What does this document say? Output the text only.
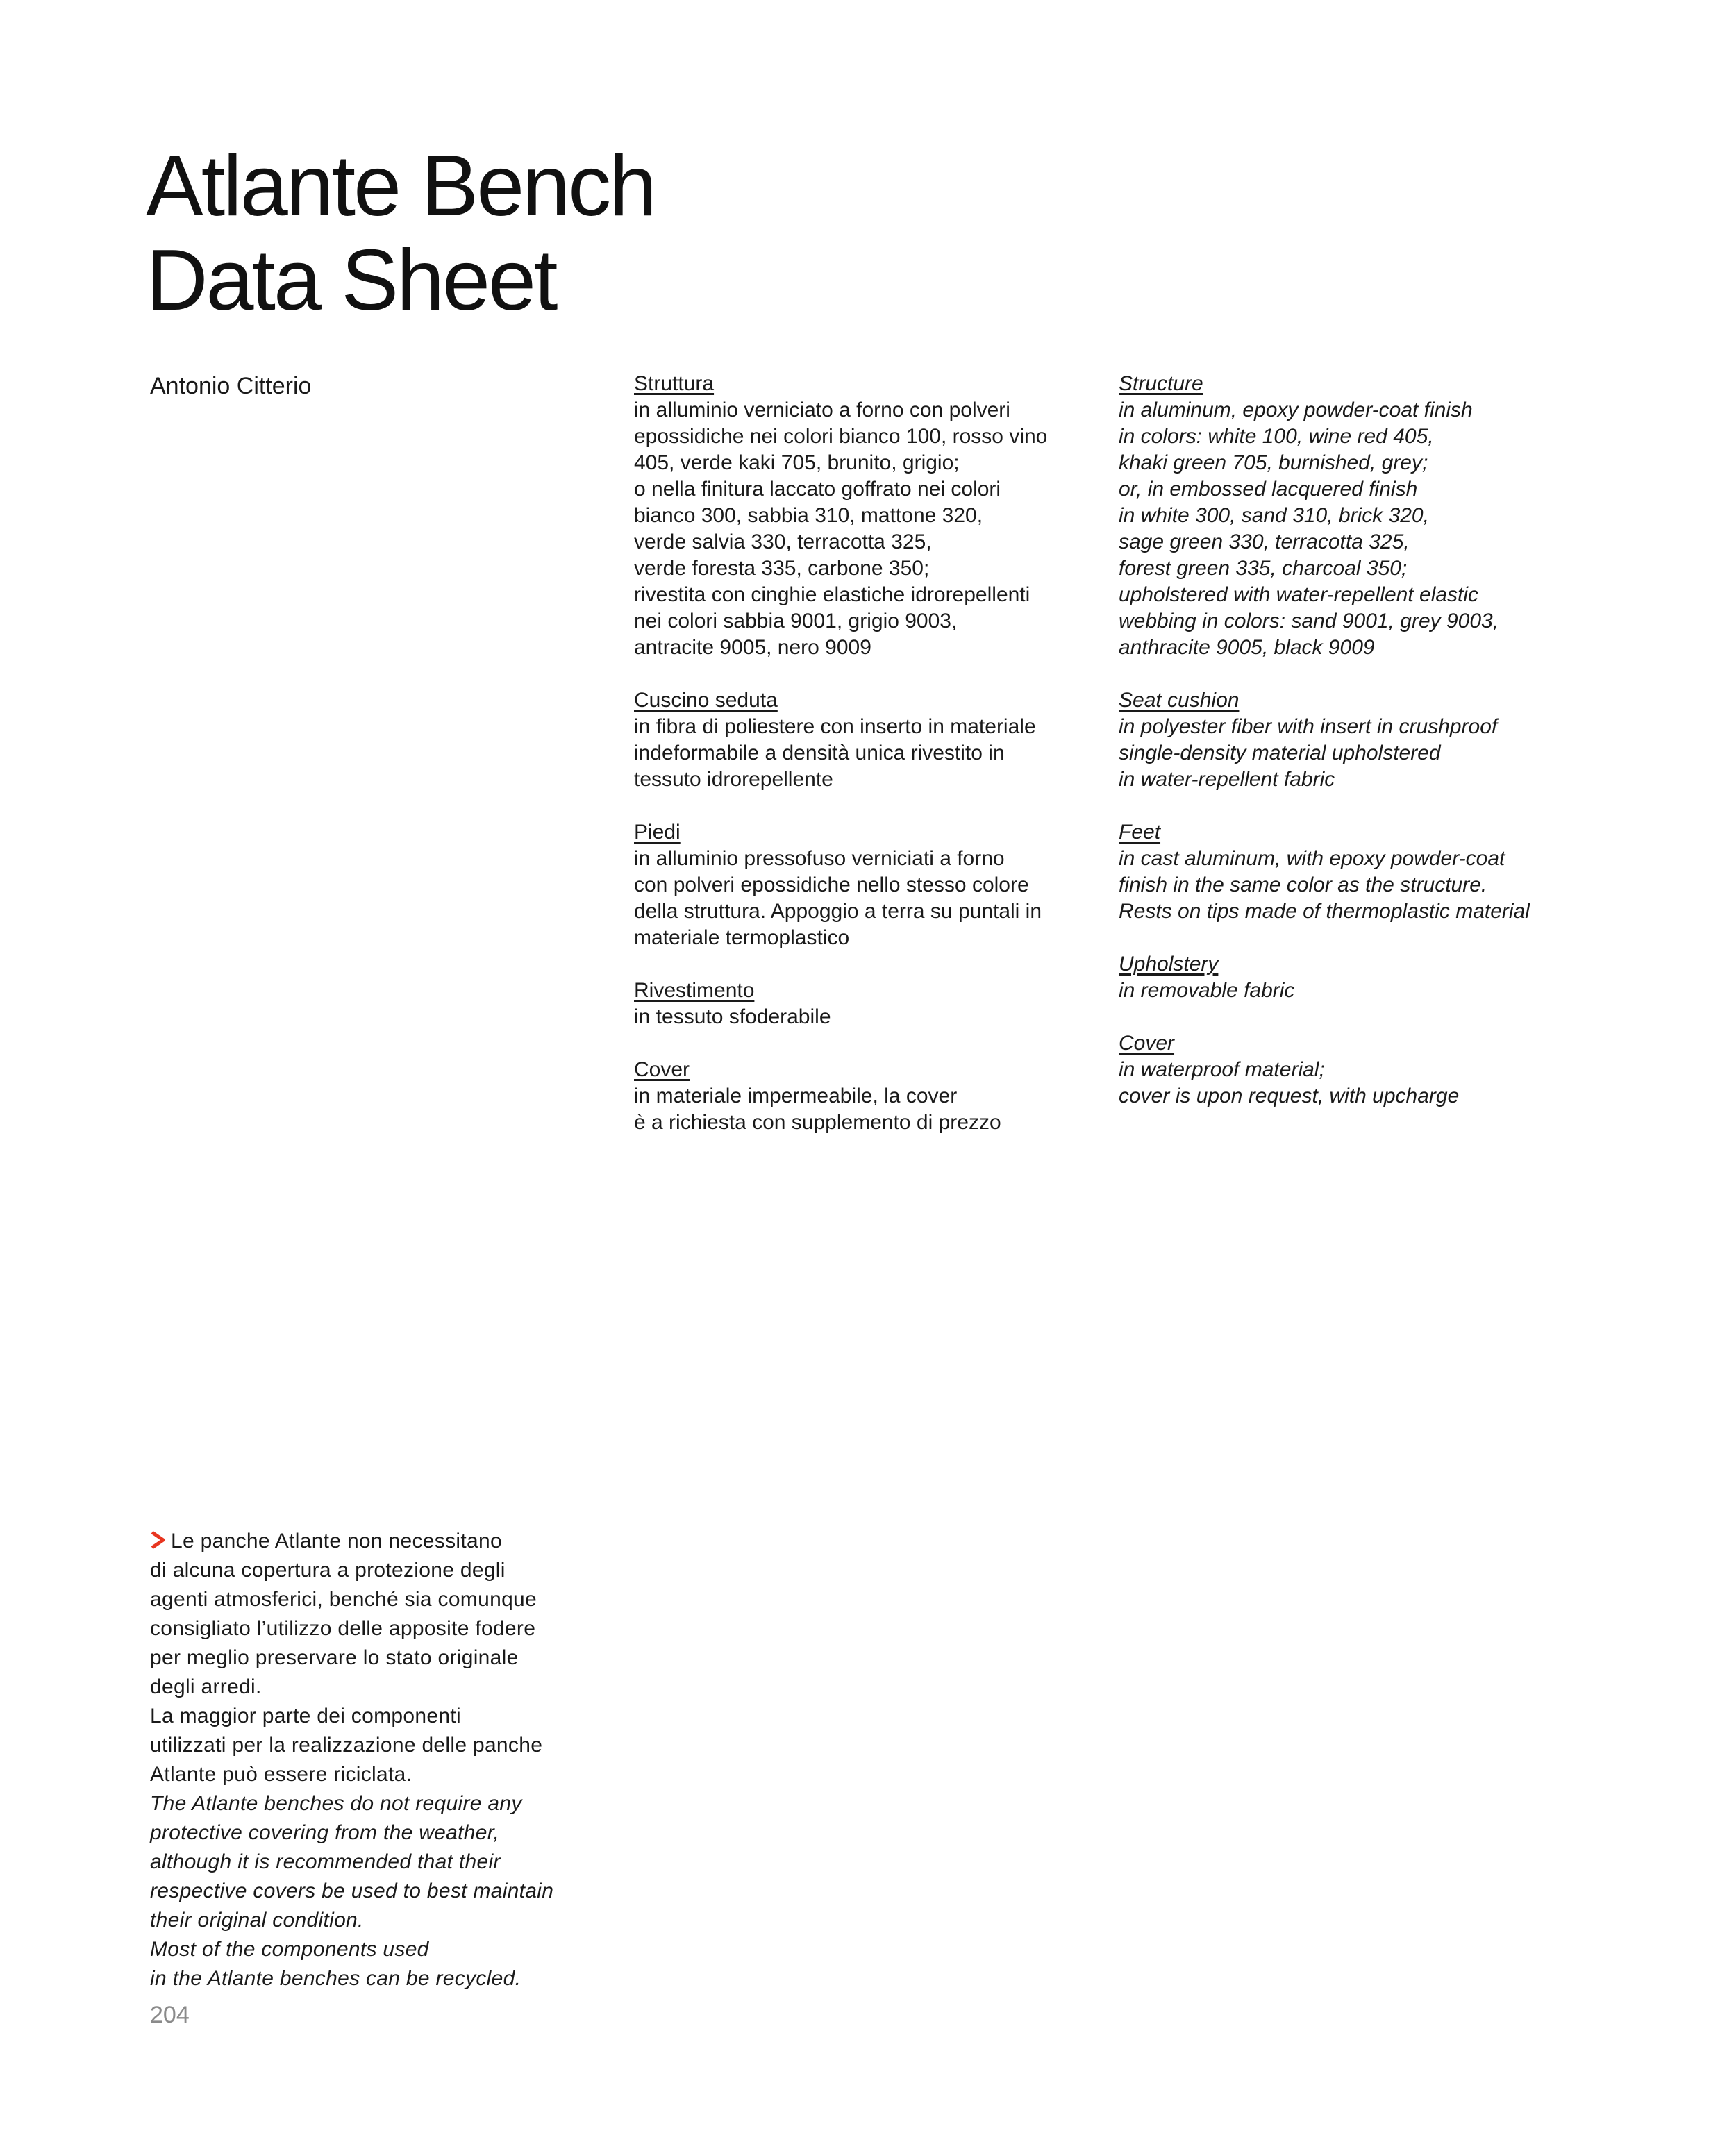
Atlante Bench
Data Sheet
Antonio Citterio	Struttura
in alluminio verniciato a forno con polveri
epossidiche nei colori bianco 100, rosso vino
405, verde kaki 705, brunito, grigio;
o nella finitura laccato goffrato nei colori
bianco 300, sabbia 310, mattone 320,
verde salvia 330, terracotta 325,
verde foresta 335, carbone 350;
rivestita con cinghie elastiche idrorepellenti
nei colori sabbia 9001, grigio 9003,
antracite 9005, nero 9009
Cuscino seduta
in fibra di poliestere con inserto in materiale
indeformabile a densità unica rivestito in
tessuto idrorepellente
Piedi
in alluminio pressofuso verniciati a forno
con polveri epossidiche nello stesso colore
della struttura. Appoggio a terra su puntali in
materiale termoplastico
Rivestimento
in tessuto sfoderabile
Cover
in materiale impermeabile, la cover
è a richiesta con supplemento di prezzo
Structure
in aluminum, epoxy powder-coat finish
in colors: white 100, wine red 405,
khaki green 705, burnished, grey;
or, in embossed lacquered finish
in white 300, sand 310, brick 320,
sage green 330, terracotta 325,
forest green 335, charcoal 350;
upholstered with water-repellent elastic
webbing in colors: sand 9001, grey 9003,
anthracite 9005, black 9009
Seat cushion
in polyester fiber with insert in crushproof
single-density material upholstered
in water-repellent fabric
Feet
in cast aluminum, with epoxy powder-coat
finish in the same color as the structure.
Rests on tips made of thermoplastic material
Upholstery
in removable fabric
Cover
in waterproof material;
cover is upon request, with upcharge
Le panche Atlante non necessitano
di alcuna copertura a protezione degli
agenti atmosferici, benché sia comunque
consigliato l’utilizzo delle apposite fodere
per meglio preservare lo stato originale
degli arredi.
La maggior parte dei componenti
utilizzati per la realizzazione delle panche
Atlante può essere riciclata.
The Atlante benches do not require any
protective covering from the weather,
although it is recommended that their
respective covers be used to best maintain
their original condition.
Most of the components used
in the Atlante benches can be recycled.
204
